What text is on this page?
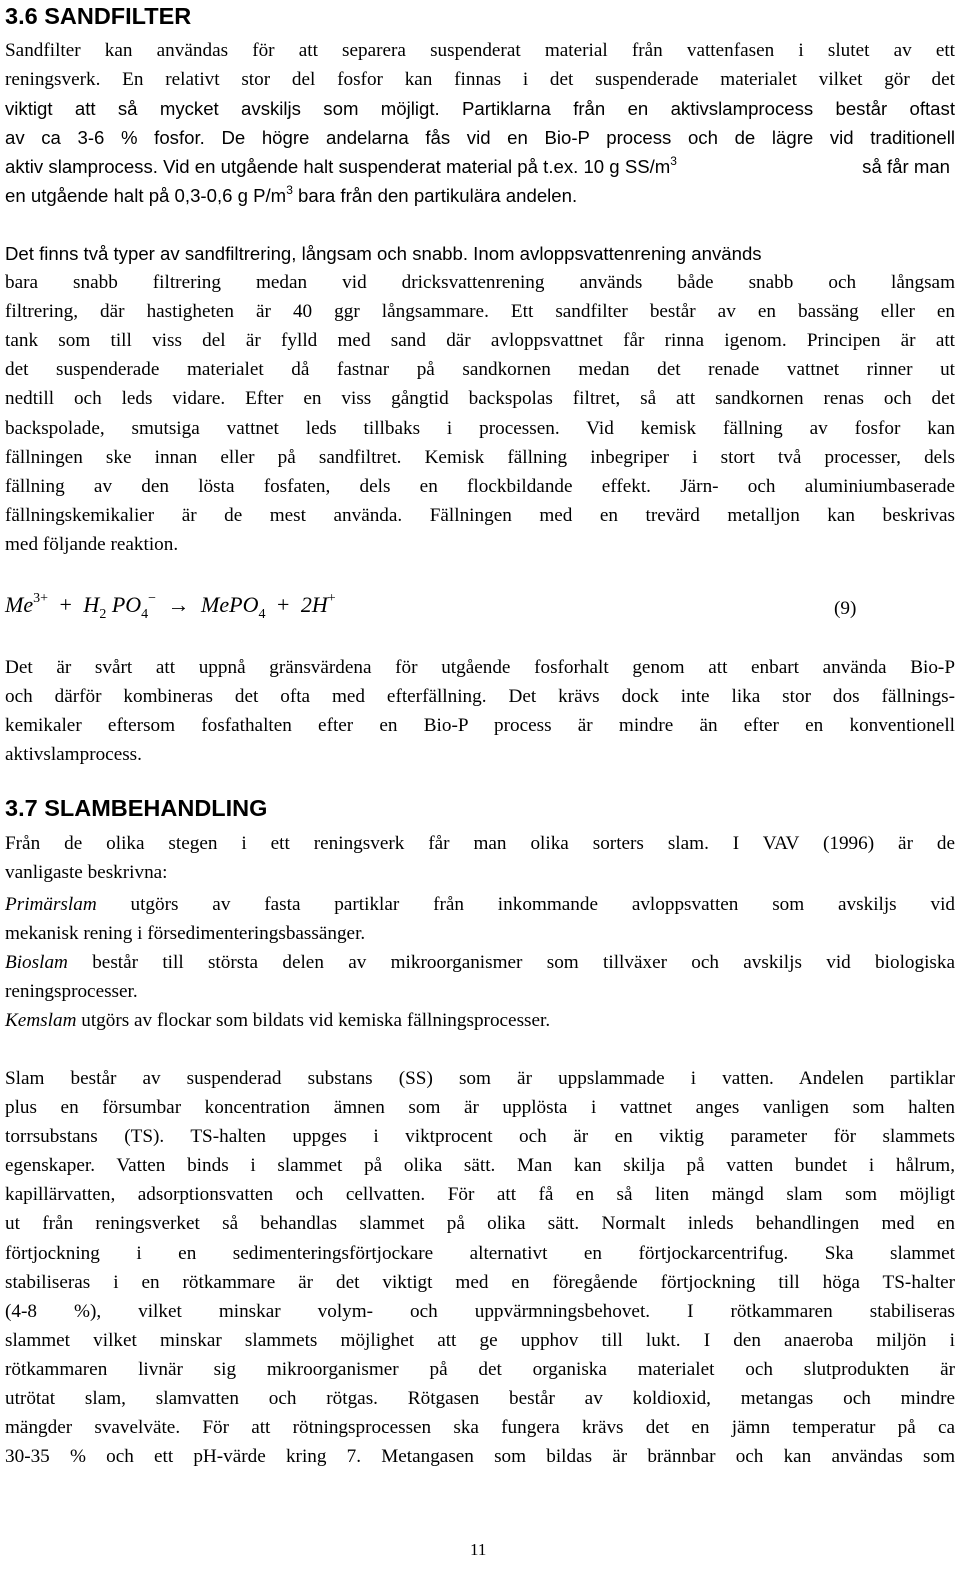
3.6 SANDFILTER
Sandfilter kan användas för att separera suspenderat material från vattenfasen i slutet av ett
reningsverk. En relativt stor del fosfor kan finnas i det suspenderade materialet vilket gör det
viktigt att så mycket avskiljs som möjligt. Partiklarna från en aktivslamprocess består oftast
av ca 3-6 % fosfor. De högre andelarna fås vid en Bio-P process och de lägre vid traditionell
aktiv slamprocess. Vid en utgående halt suspenderat material på t.ex. 10 g $SS/m^3$	så får man
en utgående halt på 0,3-0,6 g $P/m^3$ bara från den partikulära andelen.
Det finns två typer av sandfiltrering, långsam och snabb. Inom avloppsvattenrening används
bara snabb filtrering medan vid dricksvattenrening används både snabb och långsam
filtrering, där hastigheten är 40 ggr långsammare. Ett sandfilter består av en bassäng eller en
tank som till viss del är fylld med sand där avloppsvattnet får rinna igenom. Principen är att
det suspenderade materialet då fastnar på sandkornen medan det renade vattnet rinner ut
nedtill och leds vidare. Efter en viss gångtid backspolas filtret, så att sandkornen renas och det
backspolade, smutsiga vattnet leds tillbaks i processen. Vid kemisk fällning av fosfor kan
fällningen ske innan eller på sandfiltret. Kemisk fällning inbegriper i stort två processer, dels
fällning av den lösta fosfaten, dels en flockbildande effekt. Järn- och aluminiumbaserade
fällningskemikalier är de mest använda. Fällningen med en trevärd metalljon kan beskrivas
med följande reaktion.
$Me^{3+} + H_2$ $PO_4^-$ → MePO$_4$ + 2H+	(9)
Det är svårt att uppnå gränsvärdena för utgående fosforhalt genom att enbart använda Bio-P
och därför kombineras det ofta med efterfällning. Det krävs dock inte lika stor dos fällnings-
kemikaler eftersom fosfathalten efter en Bio-P process är mindre än efter en konventionell
aktivslamprocess.
3.7 SLAMBEHANDLING
Från de olika stegen i ett reningsverk får man olika sorters slam. I VAV (1996) är de
vanligaste beskrivna:
Primärslam utgörs av fasta partiklar från inkommande avloppsvatten som avskiljs vid
mekanisk rening i försedimenteringsbassänger.
Bioslam består till största delen av mikroorganismer som tillväxer och avskiljs vid biologiska
reningsprocesser.
Kemslam utgörs av flockar som bildats vid kemiska fällningsprocesser.
Slam består av suspenderad substans (SS) som är uppslammade i vatten. Andelen partiklar
plus en försumbar koncentration ämnen som är upplösta i vattnet anges vanligen som halten
torrsubstans (TS). TS-halten uppges i viktprocent och är en viktig parameter för slammets
egenskaper. Vatten binds i slammet på olika sätt. Man kan skilja på vatten bundet i hålrum,
kapillärvatten, adsorptionsvatten och cellvatten. För att få en så liten mängd slam som möjligt
ut från reningsverket så behandlas slammet på olika sätt. Normalt inleds behandlingen med en
förtjockning i en sedimenteringsförtjockare alternativt en förtjockarcentrifug. Ska slammet
stabiliseras i en rötkammare är det viktigt med en föregående förtjockning till höga TS-halter
(4-8 %), vilket minskar volym- och uppvärmningsbehovet. I rötkammaren stabiliseras
slammet vilket minskar slammets möjlighet att ge upphov till lukt. I den anaeroba miljön i
rötkammaren livnär sig mikroorganismer på det organiska materialet och slutprodukten är
utrötat slam, slamvatten och rötgas. Rötgasen består av koldioxid, metangas och mindre
mängder svavelväte. För att rötningsprocessen ska fungera krävs det en jämn temperatur på ca
30-35 % och ett pH-värde kring 7. Metangasen som bildas är brännbar och kan användas som
11
